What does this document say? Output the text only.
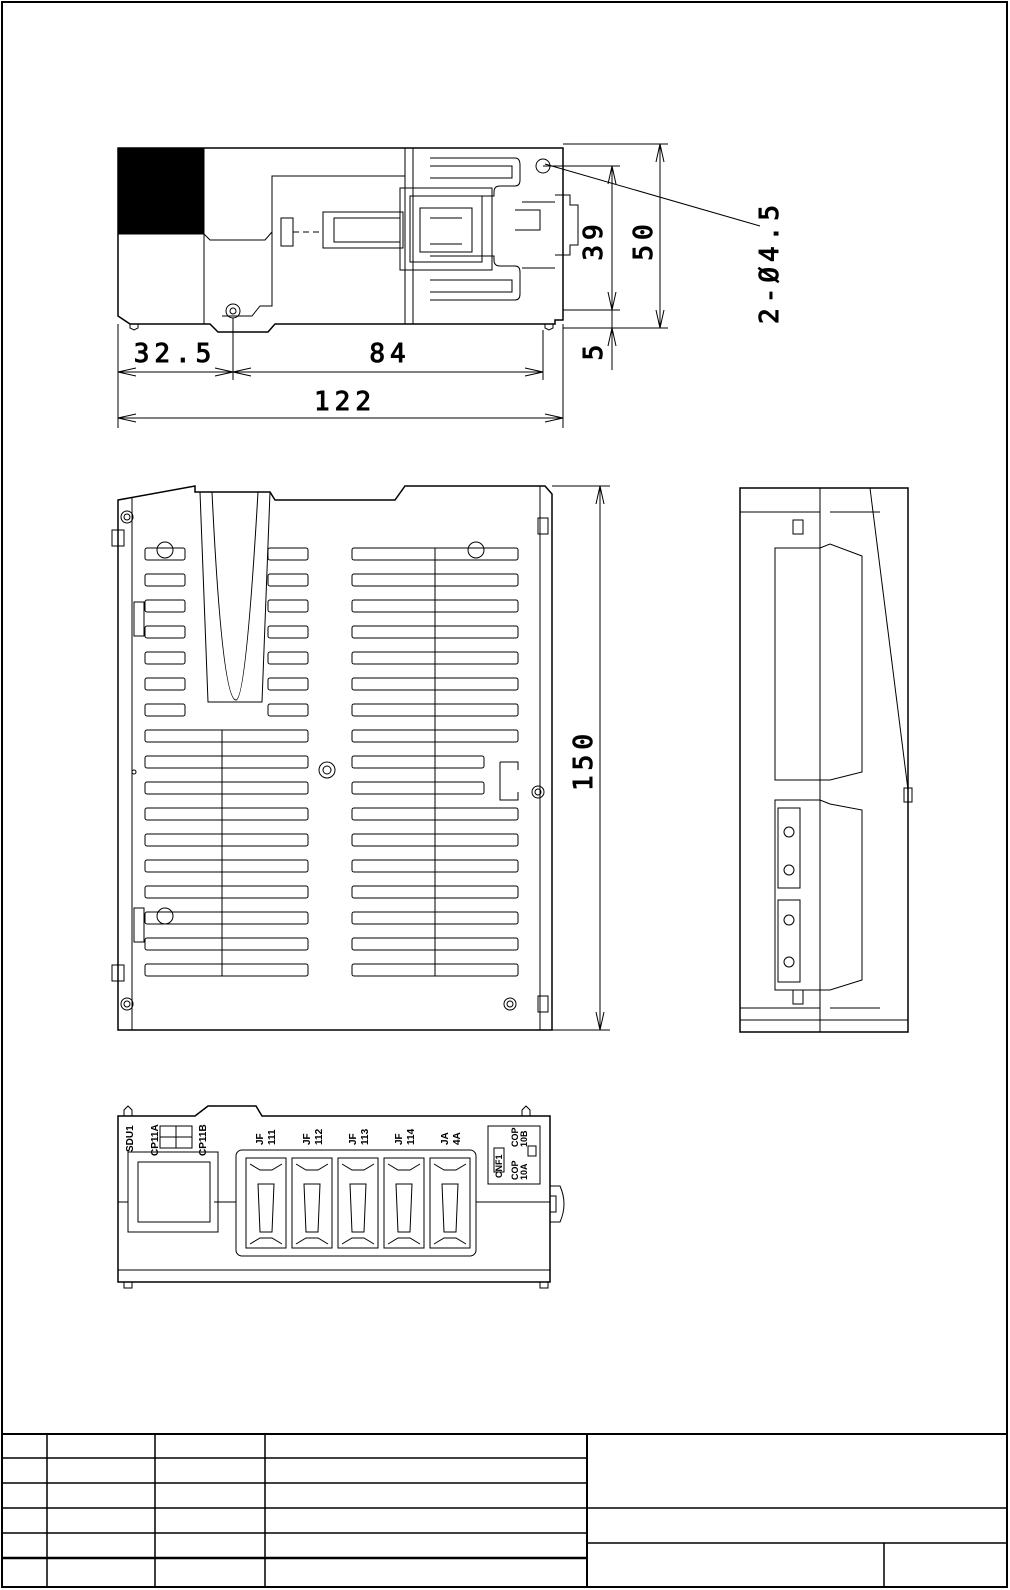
2-Ø4.5
50
39
5
32.5	84
122
150
SDU1 CP11A	CP11B	JF 111 JF 112 JF 113 JF 114 JA 4A
CNF1 COP 10A
COP 10B
